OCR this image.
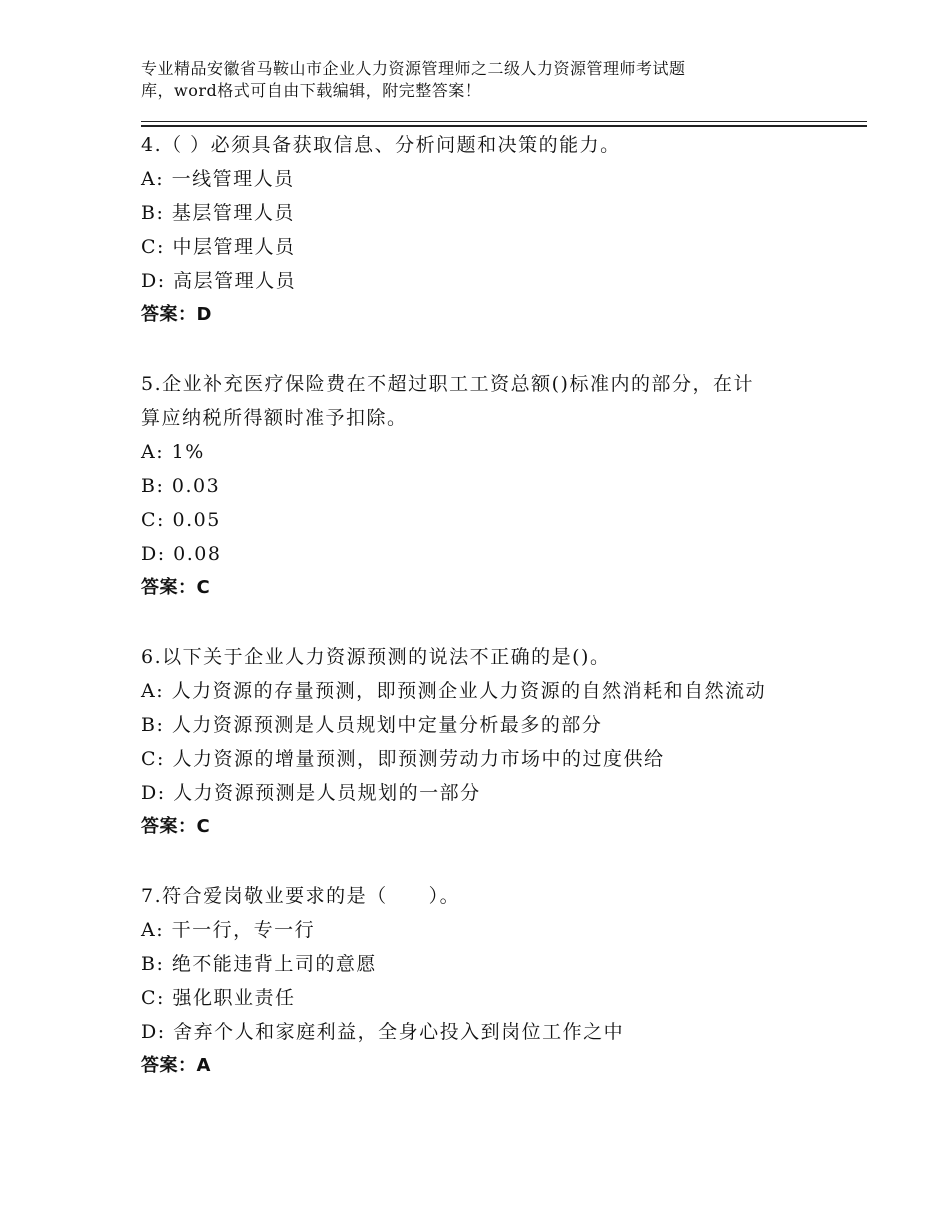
专业精品安徽省马鞍山市企业人力资源管理师之二级人力资源管理师考试题
库，word格式可自由下载编辑，附完整答案！
4.（ ）必须具备获取信息、分析问题和决策的能力。
A: 一线管理人员
B: 基层管理人员
C: 中层管理人员
D: 高层管理人员
答案：D
5.企业补充医疗保险费在不超过职工工资总额()标准内的部分，在计
算应纳税所得额时准予扣除。
A: 1%
B: 0.03
C: 0.05
D: 0.08
答案：C
6.以下关于企业人力资源预测的说法不正确的是()。
A: 人力资源的存量预测，即预测企业人力资源的自然消耗和自然流动
B: 人力资源预测是人员规划中定量分析最多的部分
C: 人力资源的增量预测，即预测劳动力市场中的过度供给
D: 人力资源预测是人员规划的一部分
答案：C
7.符合爱岗敬业要求的是（　　）。
A: 干一行，专一行
B: 绝不能违背上司的意愿
C: 强化职业责任
D: 舍弃个人和家庭利益，全身心投入到岗位工作之中
答案：A
